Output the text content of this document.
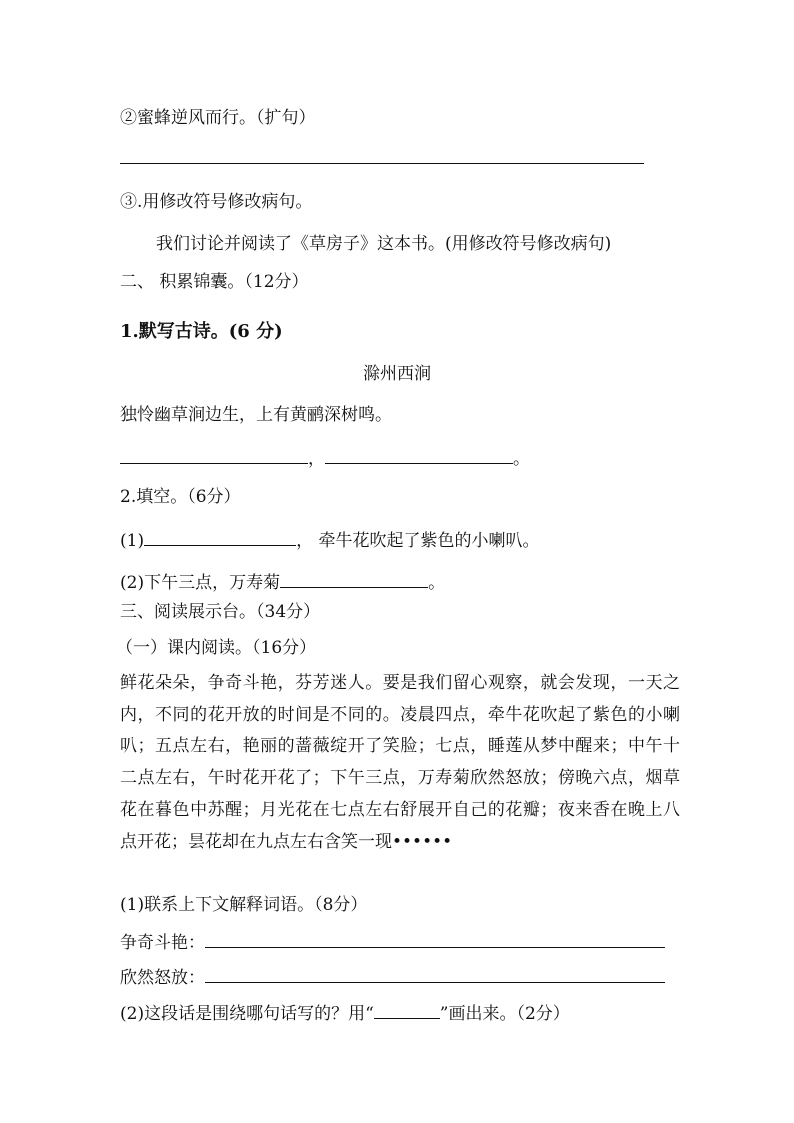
②蜜蜂逆风而行。（扩句）
③.用修改符号修改病句。
我们讨论并阅读了《草房子》这本书。(用修改符号修改病句)
二、 积累锦囊。（12分）
1.默写古诗。(6 分)
滁州西涧
独怜幽草涧边生，上有黄鹂深树鸣。
，	。
2.填空。（6分）
(1)	， 牵牛花吹起了紫色的小喇叭。
(2)下午三点，万寿菊	。
三、阅读展示台。（34分）
（一）课内阅读。（16分）
鲜花朵朵，争奇斗艳，芬芳迷人。要是我们留心观察，就会发现，一天之内，不同的花开放的时间是不同的。凌晨四点，牵牛花吹起了紫色的小喇叭；五点左右，艳丽的蔷薇绽开了笑脸；七点，睡莲从梦中醒来；中午十二点左右，午时花开花了；下午三点，万寿菊欣然怒放；傍晚六点，烟草花在暮色中苏醒；月光花在七点左右舒展开自己的花瓣；夜来香在晚上八点开花；昙花却在九点左右含笑一现••••••
(1)联系上下文解释词语。（8分）
争奇斗艳：
欣然怒放：
(2)这段话是围绕哪句话写的？用“	”画出来。（2分）
